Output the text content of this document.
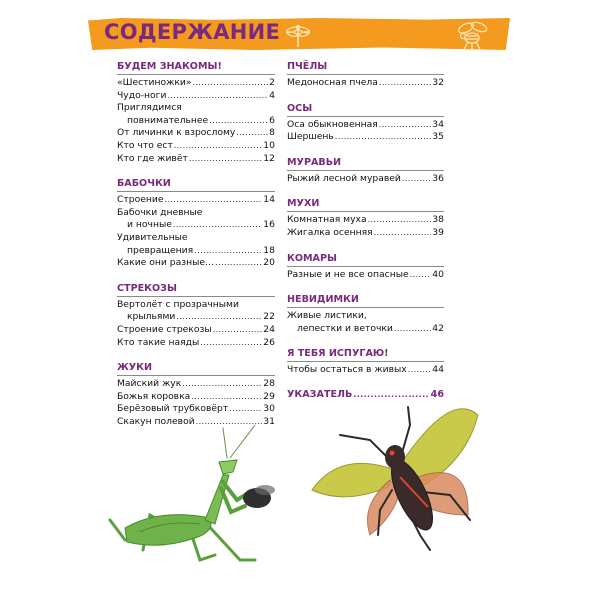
СОДЕРЖАНИЕ
БУДЕМ ЗНАКОМЫ!
«Шестиножки» .....	2
Чудо-ноги .....	4
Приглядимся
повнимательнее .....	6
От личинки к взрослому .....	8
Кто что ест .....	10
Кто где живёт .....	12
БАБОЧКИ
Строение .....	14
Бабочки дневные
и ночные .....	16
Удивительные
превращения .....	18
Какие они разные… .....	20
СТРЕКОЗЫ
Вертолёт с прозрачными
крыльями .....	22
Строение стрекозы .....	24
Кто такие наяды .....	26
ЖУКИ
Майский жук .....	28
Божья коровка .....	29
Берёзовый трубковёрт .....	30
Скакун полевой .....	31
ПЧЁЛЫ
Медоносная пчела .....	32
ОСЫ
Оса обыкновенная .....	34
Шершень .....	35
МУРАВЬИ
Рыжий лесной муравей .....	36
МУХИ
Комнатная муха .....	38
Жигалка осенняя .....	39
КОМАРЫ
Разные и не все опасные .....	40
НЕВИДИМКИ
Живые листики,
лепестки и веточки .....	42
Я ТЕБЯ ИСПУГАЮ!
Чтобы остаться в живых .....	44
УКАЗАТЕЛЬ .....	46
